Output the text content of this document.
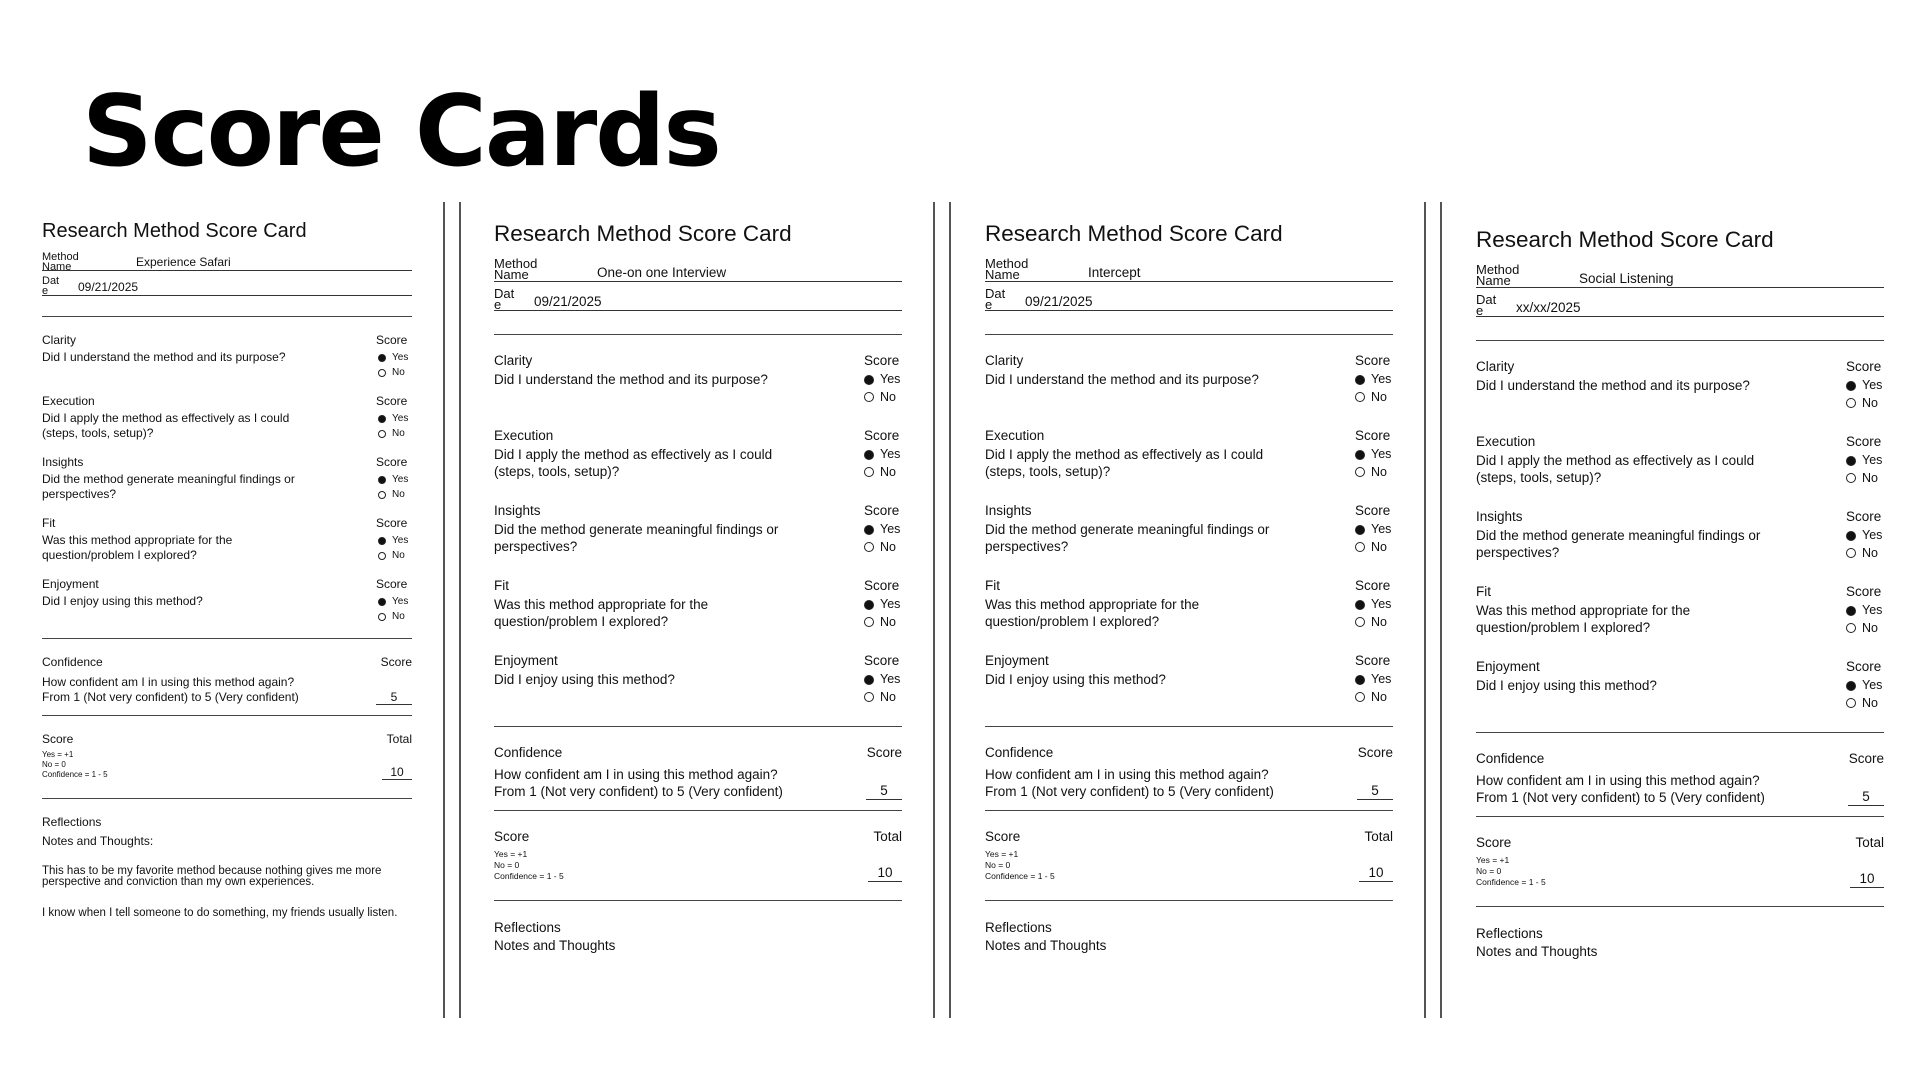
Score Cards
Research Method Score Card
Method Name	Experience Safari
Dat e	09/21/2025
Clarity	Score
Did I understand the method and its purpose?	Yes
No
Execution	Score
Did I apply the method as effectively as I could (steps, tools, setup)?
Yes
No
Insights	Score
Did the method generate meaningful findings or perspectives?
Yes
No
Fit	Score
Was this method appropriate for the question/problem I explored?
Yes
No
Enjoyment	Score
Did I enjoy using this method?	Yes
No
Confidence	Score
How confident am I in using this method again?
From 1 (Not very confident) to 5 (Very confident)	5
Score	Total
Yes = +1
No = 0
Confidence = 1 - 5	10
Reflections
Notes and Thoughts:

This has to be my favorite method because nothing gives me more perspective and conviction than my own experiences.

I know when I tell someone to do something, my friends usually listen.

Research Method Score Card
Method Name	One-on one Interview
Dat e	09/21/2025
Clarity	Score
Did I understand the method and its purpose?	Yes
No
Execution	Score
Did I apply the method as effectively as I could (steps, tools, setup)?
Yes
No
Insights	Score
Did the method generate meaningful findings or perspectives?
Yes
No
Fit	Score
Was this method appropriate for the question/problem I explored?
Yes
No
Enjoyment	Score
Did I enjoy using this method?	Yes
No
Confidence	Score
How confident am I in using this method again?
From 1 (Not very confident) to 5 (Very confident)	5
Score	Total
Yes = +1
No = 0
Confidence = 1 - 5	10
Reflections
Notes and Thoughts
Research Method Score Card
Method Name	Intercept
Dat e	09/21/2025
Clarity	Score
Did I understand the method and its purpose?	Yes
No
Execution	Score
Did I apply the method as effectively as I could (steps, tools, setup)?
Yes
No
Insights	Score
Did the method generate meaningful findings or perspectives?
Yes
No
Fit	Score
Was this method appropriate for the question/problem I explored?
Yes
No
Enjoyment	Score
Did I enjoy using this method?	Yes
No
Confidence	Score
How confident am I in using this method again?
From 1 (Not very confident) to 5 (Very confident)	5
Score	Total
Yes = +1
No = 0
Confidence = 1 - 5	10
Reflections
Notes and Thoughts
Research Method Score Card
Method Name	Social Listening
Dat e	xx/xx/2025
Clarity	Score
Did I understand the method and its purpose?	Yes
No
Execution	Score
Did I apply the method as effectively as I could (steps, tools, setup)?
Yes
No
Insights	Score
Did the method generate meaningful findings or perspectives?
Yes
No
Fit	Score
Was this method appropriate for the question/problem I explored?
Yes
No
Enjoyment	Score
Did I enjoy using this method?	Yes
No
Confidence	Score
How confident am I in using this method again?
From 1 (Not very confident) to 5 (Very confident)	5
Score	Total
Yes = +1
No = 0
Confidence = 1 - 5	10
Reflections
Notes and Thoughts
